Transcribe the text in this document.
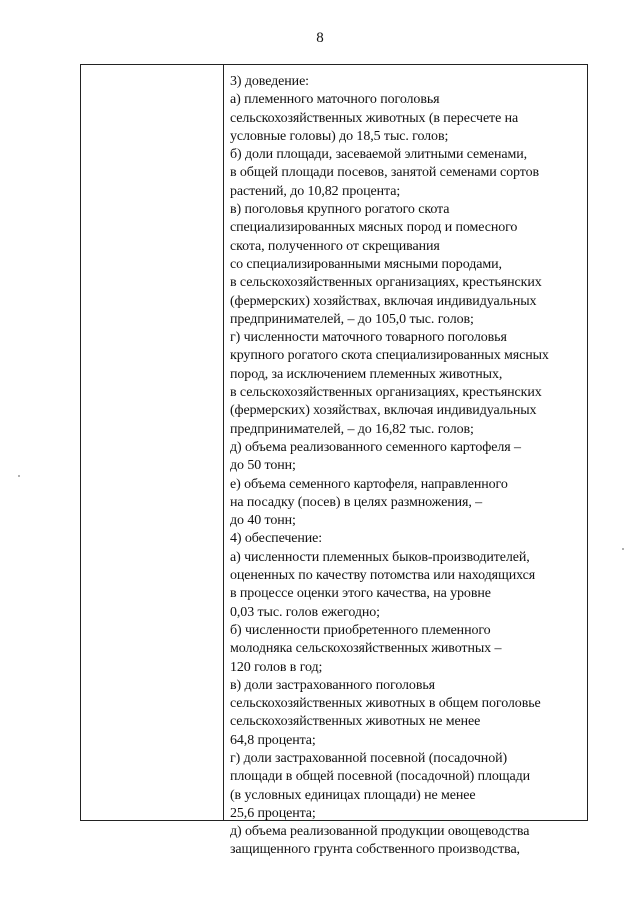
8
3) доведение:
а) племенного маточного поголовья
сельскохозяйственных животных (в пересчете на
условные головы) до 18,5 тыс. голов;
б) доли площади, засеваемой элитными семенами,
в общей площади посевов, занятой семенами сортов
растений, до 10,82 процента;
в) поголовья крупного рогатого скота
специализированных мясных пород и помесного
скота, полученного от скрещивания
со специализированными мясными породами,
в сельскохозяйственных организациях, крестьянских
(фермерских) хозяйствах, включая индивидуальных
предпринимателей, – до 105,0 тыс. голов;
г) численности маточного товарного поголовья
крупного рогатого скота специализированных мясных
пород, за исключением племенных животных,
в сельскохозяйственных организациях, крестьянских
(фермерских) хозяйствах, включая индивидуальных
предпринимателей, – до 16,82 тыс. голов;
д) объема реализованного семенного картофеля –
до 50 тонн;
е) объема семенного картофеля, направленного
на посадку (посев) в целях размножения, –
до 40 тонн;
4) обеспечение:
а) численности племенных быков-производителей,
оцененных по качеству потомства или находящихся
в процессе оценки этого качества, на уровне
0,03 тыс. голов ежегодно;
б) численности приобретенного племенного
молодняка сельскохозяйственных животных –
120 голов в год;
в) доли застрахованного поголовья
сельскохозяйственных животных в общем поголовье
сельскохозяйственных животных не менее
64,8 процента;
г) доли застрахованной посевной (посадочной)
площади в общей посевной (посадочной) площади
(в условных единицах площади) не менее
25,6 процента;
д) объема реализованной продукции овощеводства
защищенного грунта собственного производства,
